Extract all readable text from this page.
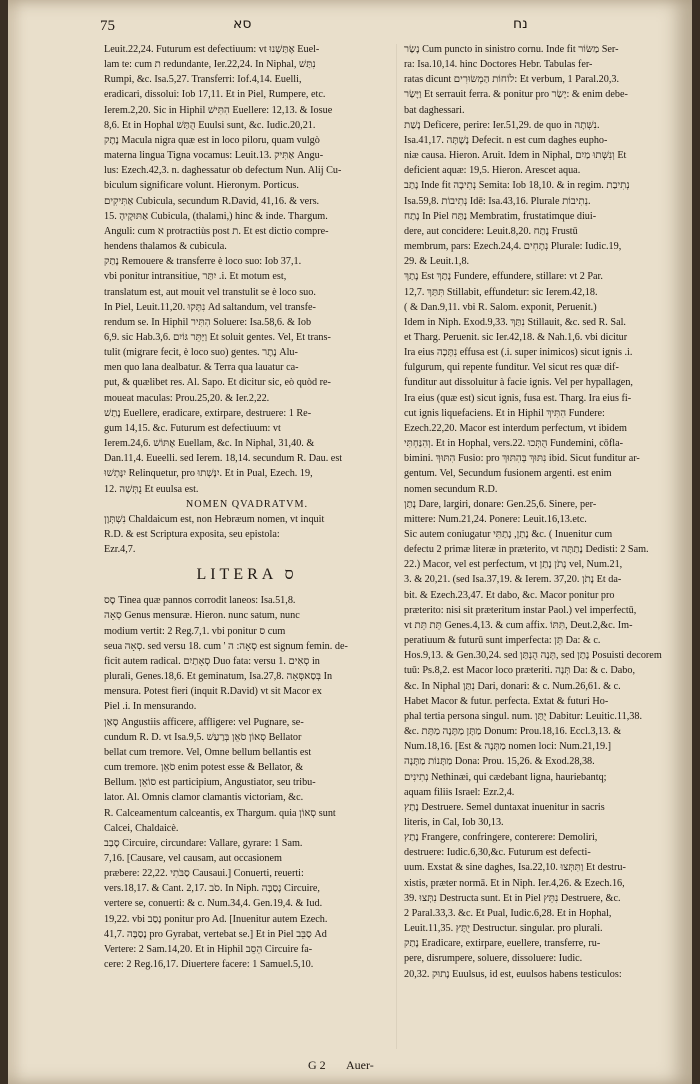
75	סא	נח

Leuit.22,24. Futurum est defectiuum: vt אֶתַּשְׁנוּ Euel-

lam te: cum ת redundante, Ier.22,24. In Niphal, נִתַּשׁ

Rumpi, &c. Isa.5,27. Transferri: Iof.4,14. Euelli,

eradicari, dissolui: Iob 17,11. Et in Piel, Rumpere, etc.

Ierem.2,20. Sic in Hiphil הִתִּישׁ Euellere: 12,13. & Iosue

8,6. Et in Hophal הֻתַּשׁ Euulsi sunt, &c. Iudic.20,21.

נֶתֶק Macula nigra quæ est in loco piloru, quam vulgò

materna lingua Tigna vocamus: Leuit.13. אַתִּיק Angu-

lus: Ezech.42,3. n. daghessatur ob defectum Nun. Alij Cu-

biculum significare volunt. Hieronym. Porticus.

אַתִּיקִים Cubicula, secundum R.David, 41,16. & vers.

15. אַתּוּקֶיהָ Cubicula, (thalami,) hinc & inde. Thargum.

Anguli: cum א protractiùs post ת. Et est dictio compre-

hendens thalamos & cubicula.

נָתַק Remouere & transferre è loco suo: Iob 37,1.

vbi ponitur intransitiue, יִתַּר .i. Et motum est,

translatum est, aut mouit vel transtulit se è loco suo.

In Piel, Leuit.11,20. נִתְּקוּ Ad saltandum, vel transfe-

rendum se. In Hiphil הִתִּיר Soluere: Isa.58,6. & Iob

6,9. sic Hab.3,6. וַיַּתֵּר גּוֹיִם Et soluit gentes. Vel, Et trans-

tulit (migrare fecit, è loco suo) gentes. נֶתֶר Alu-

men quo lana dealbatur. & Terra qua lauatur ca-

put, & quælibet res. Al. Sapo. Et dicitur sic, eò quòd re-

moueat maculas: Prou.25,20. & Ier.2,22.

נָתַשׁ Euellere, eradicare, extirpare, destruere: 1 Re-

gum 14,15. &c. Futurum est defectiuum: vt

Ierem.24,6. אֶתּוֹשׁ Euellam, &c. In Niphal, 31,40. &

Dan.11,4. Eueelli. sed Ierem. 18,14. secundum R. Dau. est

יִנָּתְשׁוּ Relinquetur, pro יִנָּשְׁתוּ. Et in Pual, Ezech. 19,

12. נֻתְּשָׁה Et euulsa est.

NOMEN QVADRATVM.

נִשְׁתְּוָן Chaldaicum est, non Hebræum nomen, vt inquit

R.D. & est Scriptura exposita, seu epistola:

Ezr.4,7.

LITERA ס

סָס Tinea quæ pannos corrodit laneos: Isa.51,8.

סְאָה Genus mensuræ. Hieron. nunc satum, nunc

modium vertit: 2 Reg.7,1. vbi ponitur ס cum

seua סְאָה. sed versu 18. cum ' סְאָה: ה est signum femin. de-

ficit autem radical. סְאָתַיִם Duo fata: versu 1. סְאִים in

plurali, Genes.18,6. Et geminatum, Isa.27,8. בְּסַאסְּאָה In

mensura. Potest fieri (inquit R.David) vt sit Macor ex

Piel .i. In mensurando.

סָאַן Angustiis afficere, affligere: vel Pugnare, se-

cundum R. D. vt Isa.9,5. סְאוֹן סֹאֵן בְּרַעַשׁ Bellator

bellat cum tremore. Vel, Omne bellum bellantis est

cum tremore. סֹאֵן enim potest esse & Bellator, &

Bellum. סוֹאֵן est participium, Angustiator, seu tribu-

lator. Al. Omnis clamor clamantis victoriam, &c.

R. Calceamentum calceantis, ex Thargum. quia סְאוֹן sunt

Calcei, Chaldaicè.

סָבַב Circuire, circundare: Vallare, gyrare: 1 Sam.

7,16. [Causare, vel causam, aut occasionem

præbere: 22,22. סַבֹּתִי Causaui.] Conuerti, reuerti:

vers.18,17. & Cant. 2,17. סֹב. In Niph. נָסַבָּה Circuire,

vertere se, conuerti: & c. Num.34,4. Gen.19,4. & Iud.

19,22. vbi נָסַב ponitur pro Ad. [Inuenitur autem Ezech.

41,7. נָסַבָּה pro Gyrabat, vertebat se.] Et in Piel סַבֵּב Ad

Vertere: 2 Sam.14,20. Et in Hiphil הֵסֵב Circuire fa-

cere: 2 Reg.16,17. Diuertere facere: 1 Samuel.5,10.

נָשַׂר Cum puncto in sinistro cornu. Inde fit מַשּׂוֹר Ser-

ra: Isa.10,14. hinc Doctores Hebr. Tabulas fer-

ratas dicunt לוֹחוֹת הַמְשׂוּרִים: Et verbum, 1 Paral.20,3.

וַיָּשַׂר Et serrauit ferra. & ponitur pro יָשַׂר: & enim debe-

bat daghessari.

נָשַׁת Deficere, perire: Ier.51,29. de quo in נִשְּׁתָה.

Isa.41,17. נָשָׁתָּה Defecit. n est cum daghes eupho-

niæ causa. Hieron. Aruit. Idem in Niphal, וְנִשְּׁתוּ מַיִם Et

deficient aquæ: 19,5. Hieron. Arescet aqua.

נָתַב Inde fit נְתִיבָה Semita: Iob 18,10. & in regim. נְתִיבַת

Isa.59,8. נְתִיבוֹת Idē: Isa.43,16. Plurale נְתִיבוֹת.

נָתַח In Piel נַתַּח Membratim, frustatimque diui-

dere, aut concidere: Leuit.8,20. נֶתַח Frustū

membrum, pars: Ezech.24,4. נְתָחִים Plurale: Iudic.19,

29. & Leuit.1,8.

נָתַךְ Est נָתַךְ Fundere, effundere, stillare: vt 2 Par.

12,7. תִּתַּךְ Stillabit, effundetur: sic Ierem.42,18.

( & Dan.9,11. vbi R. Salom. exponit, Peruenit.)

Idem in Niph. Exod.9,33. נִתַּךְ Stillauit, &c. sed R. Sal.

et Tharg. Peruenit. sic Ier.42,18. & Nah.1,6. vbi dicitur

Ira eius נִתְּכָה effusa est (.i. super inimicos) sicut ignis .i.

fulgurum, qui repente funditur. Vel sicut res quæ dif-

funditur aut dissoluitur à facie ignis. Vel per hypallagen,

Ira eius (quæ est) sicut ignis, fusa est. Tharg. Ira eius fi-

cut ignis liquefaciens. Et in Hiphil הִתִּיךְ Fundere:

Ezech.22,20. Macor est interdum perfectum, vt ibidem

וְהִנַּחְתִּי. Et in Hophal, vers.22. הֻתְּכוּ Fundemini, cōfla-

bimini. הִתּוּךְ Fusio: pro נִתּוּךְ בְּהִתּוּךְ ibid. Sicut funditur ar-

gentum. Vel, Secundum fusionem argenti. est enim

nomen secundum R.D.

נָתַן Dare, largiri, donare: Gen.25,6. Sinere, per-

mittere: Num.21,24. Ponere: Leuit.16,13.etc.

Sic autem coniugatur נָתַן, נָתַתִּי &c. ( Inuenitur cum

defectu 2 primæ literæ in præterito, vt נָתַתָּה Dedisti: 2 Sam.

22.) Macor, vel est perfectum, vt נָתֹן נָתַן vel, Num.21,

3. & 20,21. (sed Isa.37,19. & Ierem. 37,20. נָתֹן Et da-

bit. & Ezech.23,47. Et dabo, &c. Macor ponitur pro

præterito: nisi sit præteritum instar Paol.) vel imperfectū,

vt תֵּת תֵּת Genes.4,13. & cum affix. תִּתּוֹ, Deut.2,&c. Im-

peratiuum & futurū sunt imperfecta: תֵּן Da: & c.

Hos.9,13. & Gen.30,24. sed תְּנָה הֻנְתַּן, sed נָתַן Posuisti decorem

tuū: Ps.8,2. est Macor loco præteriti. תְּנָה Da: & c. Dabo,

&c. In Niphal נִתַּן Dari, donari: & c. Num.26,61. & c.

Habet Macor & futur. perfecta. Extat & futuri Ho-

phal tertia persona singul. num. יֻתַּן Dabitur: Leuitic.11,38.

&c. מַתָּן מַתָּנָה מַתָּת Donum: Prou.18,16. Eccl.3,13. &

Num.18,16. [Est & מַתְּנָה nomen loci: Num.21,19.]

מַתָּנוֹת מַתָּנָה Dona: Prou. 15,26. & Exod.28,38.

נְתִינִים Nethinæi, qui cædebant ligna, hauriebantq;

aquam filiis Israel: Ezr.2,4.

נָתַץ Destruere. Semel duntaxat inuenitur in sacris

literis, in Cal, Iob 30,13.

נָתַץ Frangere, confringere, conterere: Demoliri,

destruere: Iudic.6,30,&c. Futurum est defecti-

uum. Exstat & sine daghes, Isa.22,10. וַתִּתְּצוּ Et destru-

xistis, præter normā. Et in Niph. Ier.4,26. & Ezech.16,

39. נִתְּצוּ Destructa sunt. Et in Piel נִתֵּץ Destruere, &c.

2 Paral.33,3. &c. Et Pual, Iudic.6,28. Et in Hophal,

Leuit.11,35. יֻתָּץ Destructur. singular. pro plurali.

נָתַק Eradicare, extirpare, euellere, transferre, ru-

pere, disrumpere, soluere, dissoluere: Iudic.

20,32. נָתוּק Euulsus, id est, euulsos habens testiculos:

G 2 Auer-
